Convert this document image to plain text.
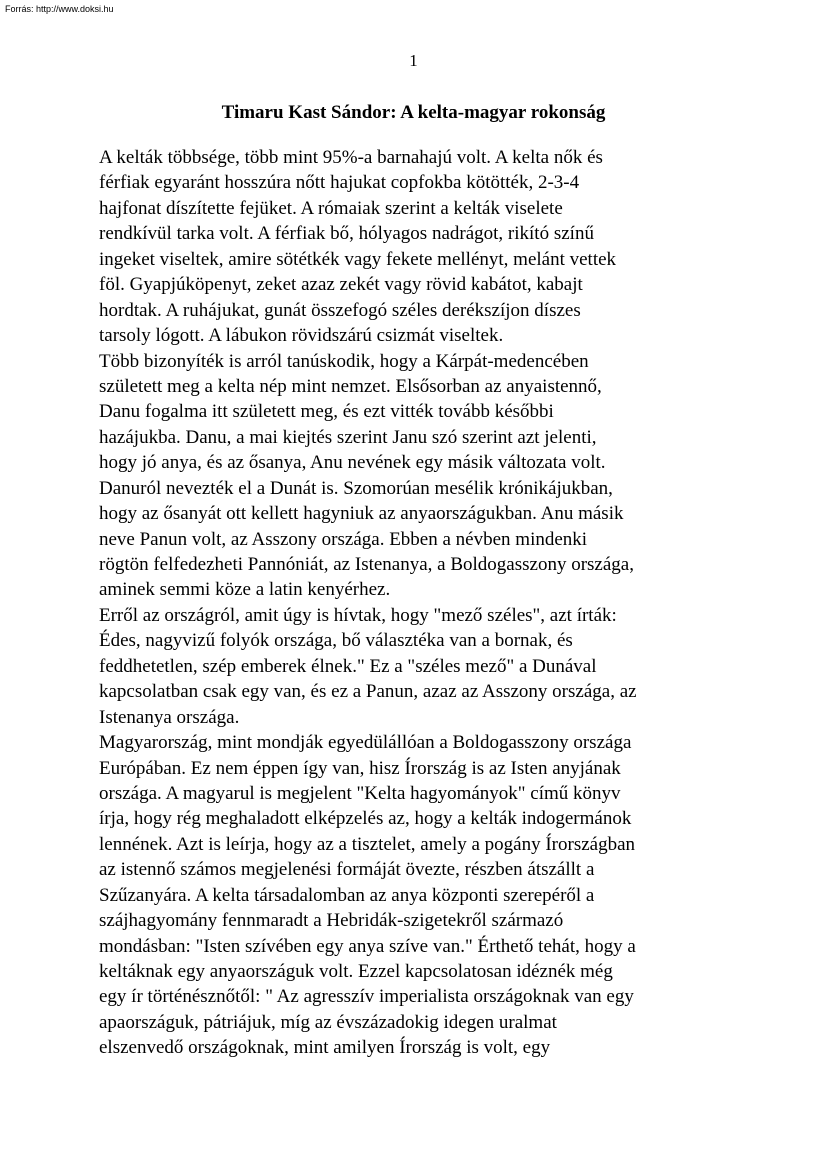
Forrás: http://www.doksi.hu
1
Timaru Kast Sándor: A kelta-magyar rokonság
A kelták többsége, több mint 95%-a barnahajú volt. A kelta nők és
férfiak egyaránt hosszúra nőtt hajukat copfokba kötötték, 2-3-4
hajfonat díszítette fejüket. A rómaiak szerint a kelták viselete
rendkívül tarka volt. A férfiak bő, hólyagos nadrágot, rikító színű
ingeket viseltek, amire sötétkék vagy fekete mellényt, melánt vettek
föl. Gyapjúköpenyt, zeket azaz zekét vagy rövid kabátot, kabajt
hordtak. A ruhájukat, gunát összefogó széles derékszíjon díszes
tarsoly lógott. A lábukon rövidszárú csizmát viseltek.
Több bizonyíték is arról tanúskodik, hogy a Kárpát-medencében
született meg a kelta nép mint nemzet. Elsősorban az anyaistennő,
Danu fogalma itt született meg, és ezt vitték tovább későbbi
hazájukba. Danu, a mai kiejtés szerint Janu szó szerint azt jelenti,
hogy jó anya, és az ősanya, Anu nevének egy másik változata volt.
Danuról nevezték el a Dunát is. Szomorúan mesélik krónikájukban,
hogy az ősanyát ott kellett hagyniuk az anyaországukban. Anu másik
neve Panun volt, az Asszony országa. Ebben a névben mindenki
rögtön felfedezheti Pannóniát, az Istenanya, a Boldogasszony országa,
aminek semmi köze a latin kenyérhez.
Erről az országról, amit úgy is hívtak, hogy "mező széles", azt írták:
Édes, nagyvizű folyók országa, bő választéka van a bornak, és
feddhetetlen, szép emberek élnek." Ez a "széles mező" a Dunával
kapcsolatban csak egy van, és ez a Panun, azaz az Asszony országa, az
Istenanya országa.
Magyarország, mint mondják egyedülállóan a Boldogasszony országa
Európában. Ez nem éppen így van, hisz Írország is az Isten anyjának
országa. A magyarul is megjelent "Kelta hagyományok" című könyv
írja, hogy rég meghaladott elképzelés az, hogy a kelták indogermánok
lennének. Azt is leírja, hogy az a tisztelet, amely a pogány Írországban
az istennő számos megjelenési formáját övezte, részben átszállt a
Szűzanyára. A kelta társadalomban az anya központi szerepéről a
szájhagyomány fennmaradt a Hebridák-szigetekről származó
mondásban: "Isten szívében egy anya szíve van." Érthető tehát, hogy a
keltáknak egy anyaországuk volt. Ezzel kapcsolatosan idéznék még
egy ír történésznőtől: " Az agresszív imperialista országoknak van egy
apaországuk, pátriájuk, míg az évszázadokig idegen uralmat
elszenvedő országoknak, mint amilyen Írország is volt, egy
